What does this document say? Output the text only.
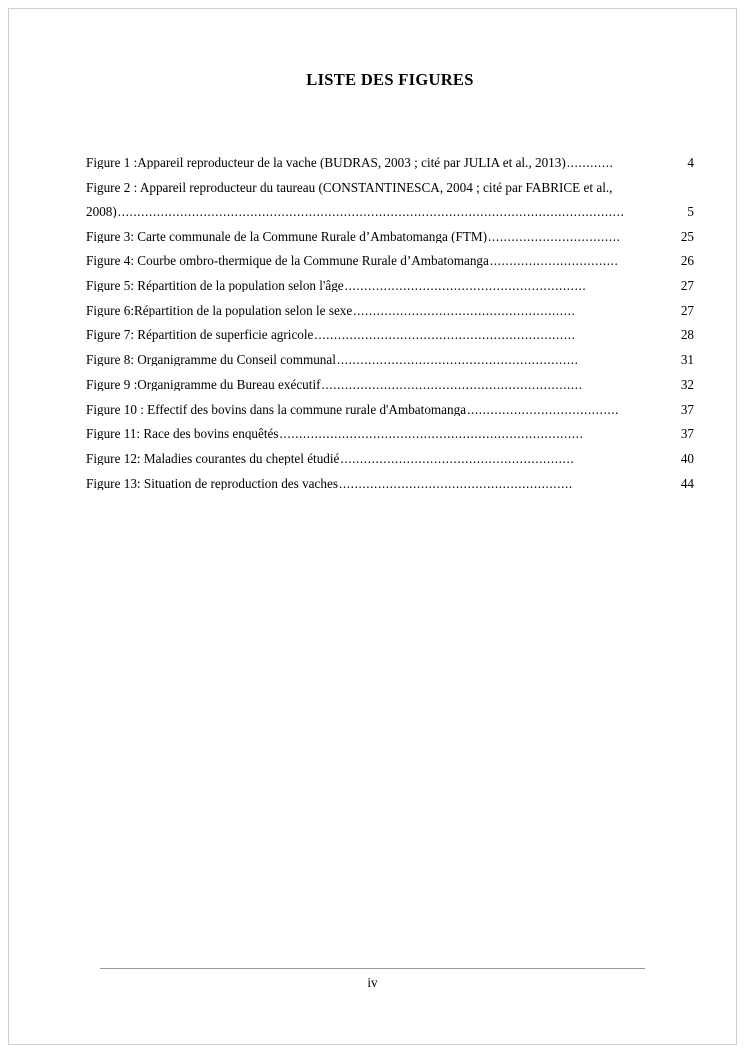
LISTE DES FIGURES
Figure 1 :Appareil reproducteur de la vache (BUDRAS, 2003 ; cité par JULIA et al., 2013) ............	4
Figure 2 : Appareil reproducteur du taureau (CONSTANTINESCA, 2004 ; cité par FABRICE et al.,
2008) ..................................................................................................................................	5
Figure 3: Carte communale de la Commune Rurale d’Ambatomanga (FTM) ..................................	25
Figure 4: Courbe ombro-thermique de la Commune Rurale d’Ambatomanga .................................	26
Figure 5: Répartition de la population selon l'âge ..............................................................	27
Figure 6:Répartition de la population selon le sexe .........................................................	27
Figure 7: Répartition de superficie agricole ...................................................................	28
Figure 8: Organigramme du Conseil communal ..............................................................	31
Figure 9 :Organigramme du Bureau exécutif ...................................................................	32
Figure 10 : Effectif des bovins dans la commune rurale d'Ambatomanga .......................................	37
Figure 11: Race des bovins enquêtés ..............................................................................	37
Figure 12: Maladies courantes du cheptel étudié ............................................................	40
Figure 13: Situation de reproduction des vaches ............................................................	44
iv
